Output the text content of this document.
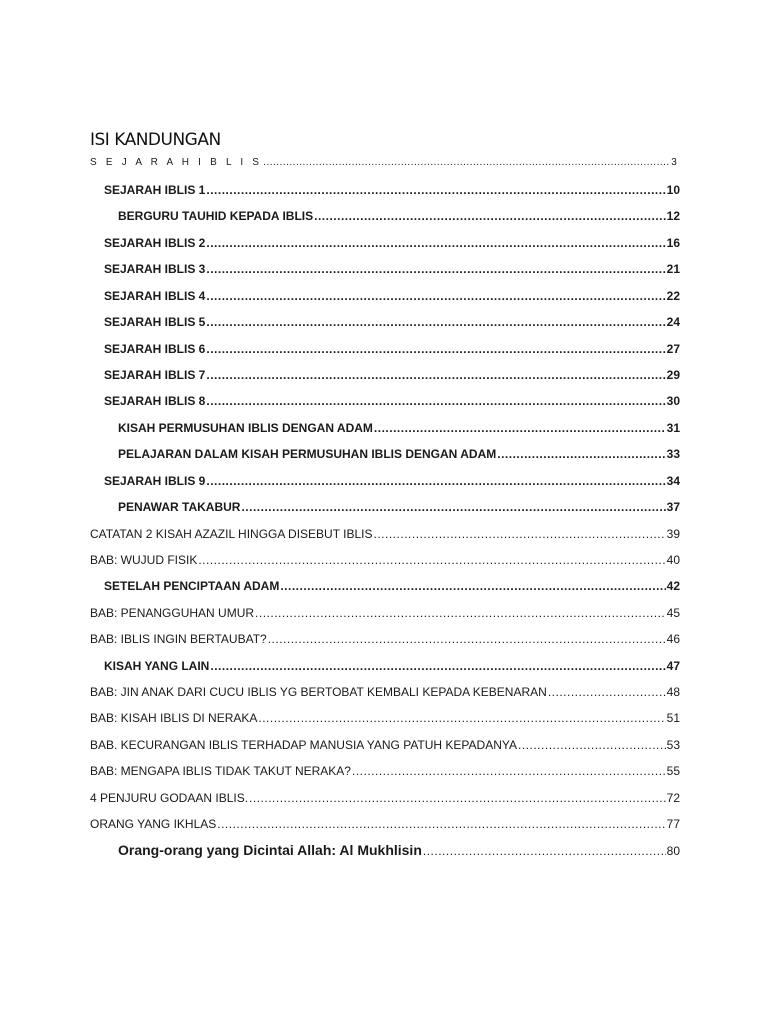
ISI KANDUNGAN
S E J A R A H I B L I S .....	3
SEJARAH IBLIS 1 .....	10
BERGURU TAUHID KEPADA IBLIS .....	12
SEJARAH IBLIS 2 .....	16
SEJARAH IBLIS 3 .....	21
SEJARAH IBLIS 4 .....	22
SEJARAH IBLIS 5 .....	24
SEJARAH IBLIS 6 .....	27
SEJARAH IBLIS 7 .....	29
SEJARAH IBLIS 8 .....	30
KISAH PERMUSUHAN IBLIS DENGAN ADAM .....	31
PELAJARAN DALAM KISAH PERMUSUHAN IBLIS DENGAN ADAM .....	33
SEJARAH IBLIS 9 .....	34
PENAWAR TAKABUR .....	37
CATATAN 2 KISAH AZAZIL HINGGA DISEBUT IBLIS .....	39
BAB: WUJUD FISIK .....	40
SETELAH PENCIPTAAN ADAM .....	42
BAB: PENANGGUHAN UMUR .....	45
BAB: IBLIS INGIN BERTAUBAT? .....	46
KISAH YANG LAIN .....	47
BAB: JIN ANAK DARI CUCU IBLIS YG BERTOBAT KEMBALI KEPADA KEBENARAN .....	48
BAB: KISAH IBLIS DI NERAKA .....	51
BAB. KECURANGAN IBLIS TERHADAP MANUSIA YANG PATUH KEPADANYA .....	53
BAB: MENGAPA IBLIS TIDAK TAKUT NERAKA? .....	55
4 PENJURU GODAAN IBLIS. .....	72
ORANG YANG IKHLAS .....	77
Orang-orang yang Dicintai Allah: Al Mukhlisin .....	80
